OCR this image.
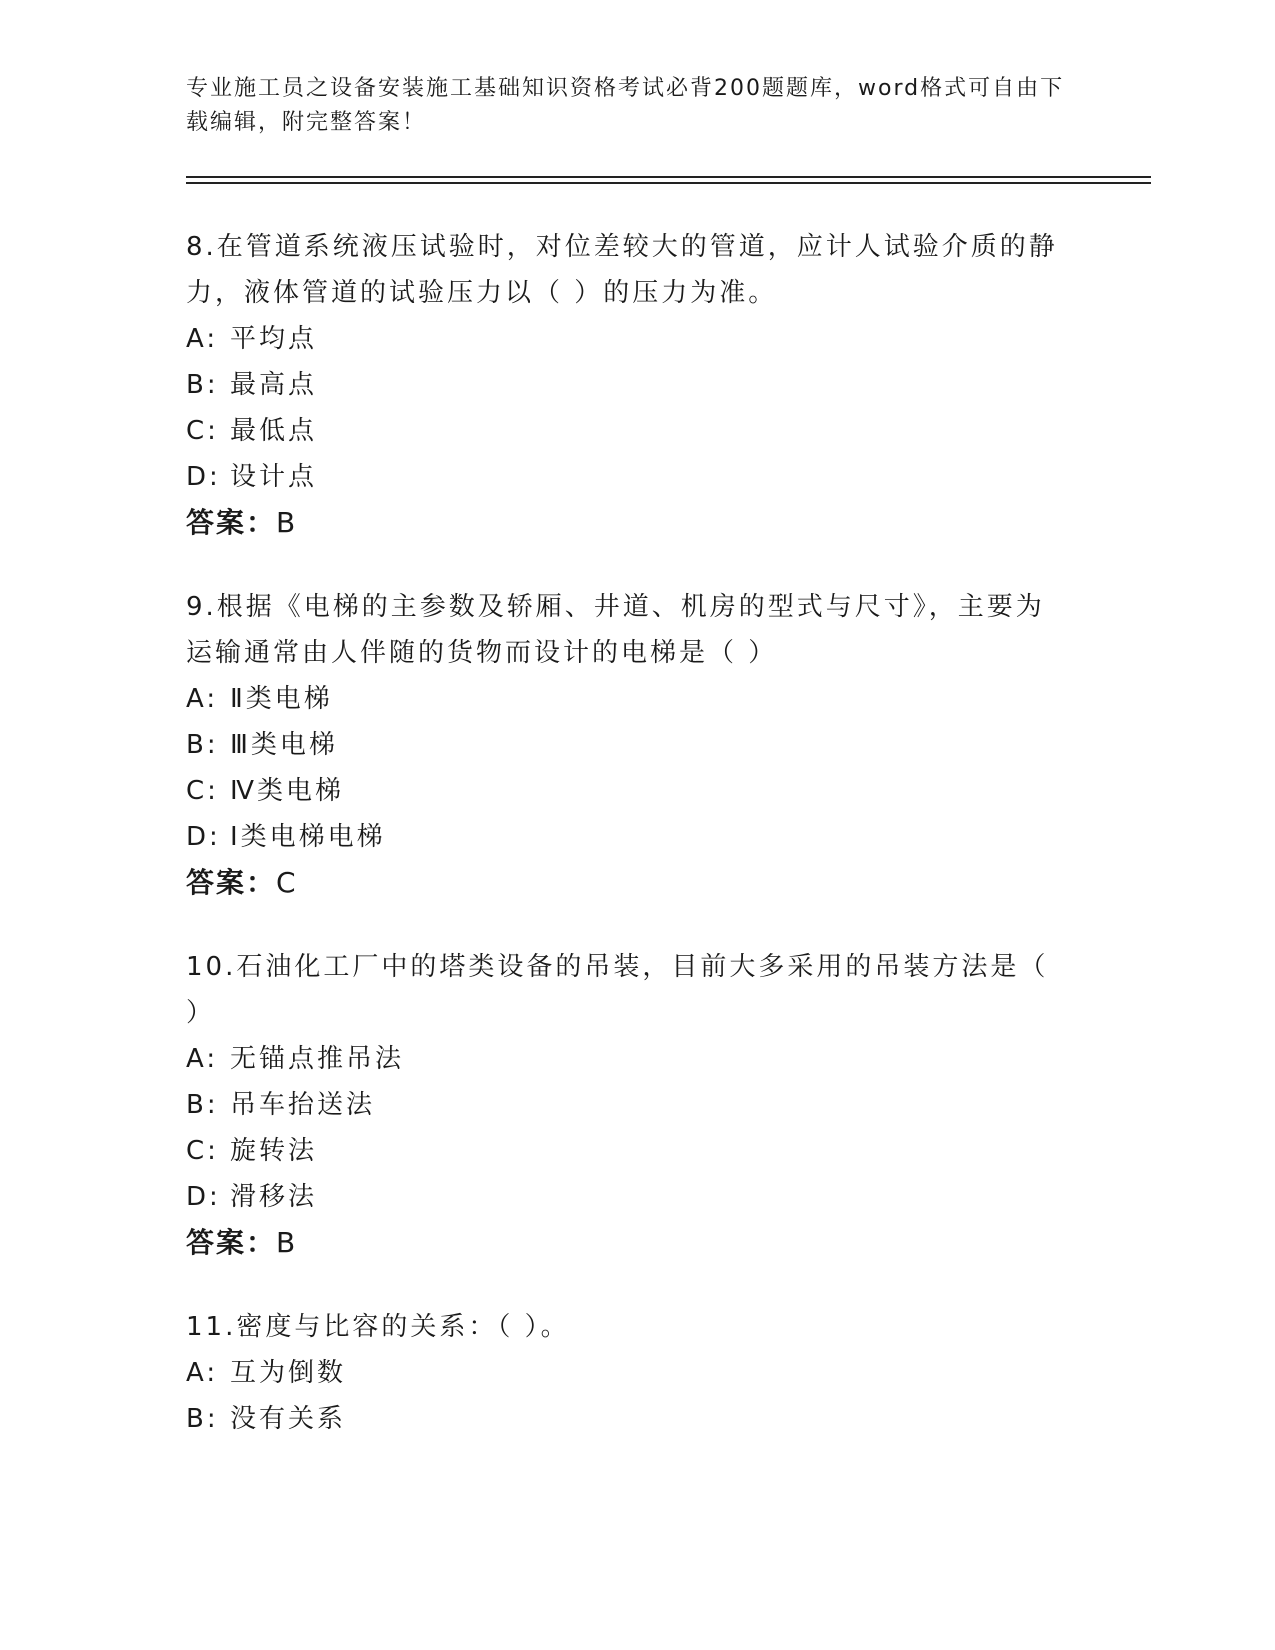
专业施工员之设备安装施工基础知识资格考试必背200题题库，word格式可自由下载编辑，附完整答案！

8.在管道系统液压试验时，对位差较大的管道，应计人试验介质的静力，液体管道的试验压力以（ ）的压力为准。

A: 平均点
B: 最高点
C: 最低点
D: 设计点
答案：B

9.根据《电梯的主参数及轿厢、井道、机房的型式与尺寸》，主要为运输通常由人伴随的货物而设计的电梯是（ ）

A: Ⅱ类电梯
B: Ⅲ类电梯
C: Ⅳ类电梯
D: Ⅰ类电梯电梯
答案：C

10.石油化工厂中的塔类设备的吊装，目前大多采用的吊装方法是（ ）

A: 无锚点推吊法
B: 吊车抬送法
C: 旋转法
D: 滑移法
答案：B

11.密度与比容的关系：（ ）。

A: 互为倒数
B: 没有关系
